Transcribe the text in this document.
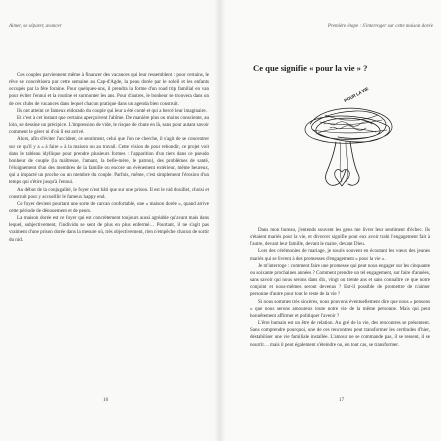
Aimer, se séparer, avancer

Ces couples parviennent même à financer des vacances qui leur ressemblent : pour certains, le rêve se concrétisera par cette semaine au Cap-d'Agde, la peau dorée par le soleil et les enfants occupés par la fête foraine. Pour quelques-uns, il prendra la forme d'un road trip familial en van pour éviter l'ennui et la routine et surmonter les ans. Pour d'autres, le bonheur se trouvera dans un de ces clubs de vacances dans lequel chacun pratique dans un agenda bien construit.

Ils ont atteint ce fameux eldorado du couple qui leur a été conté et qui a bercé leur imaginaire.

Et c'est à cet instant que certains aperçoivent l'abîme. De manière plus ou moins consciente, au loin, se dessine un précipice. L'impression de vide, le risque de chute en là, sans pour autant savoir comment le gérer ni d'où il est arrivé.

Alors, afin d'éviter l'accident, ce sentiment, celui que l'on ne cherche, il s'agit de se concentrer sur ce qu'il y a « à faire » à la maison ou au travail. Cette vision de pour rebondir, ce projet voit dans le tableau idyllique pour prendre plusieurs formes : l'apparition d'un tiers dans ce pseudo bonheur de couple (la maîtresse, l'amant, la belle-mère, le patron), des problèmes de santé, l'éloignement d'un des membres de la famille ou encore un évènement extérieur, même heureux, qui a impacté un proche ou un membre du couple. Parfois, même, c'est simplement l'érosion d'un temps qui s'étire jusqu'à l'ennui.

Au début de la conjugalité, le foyer n'est bâti que sur une prison. Il est le nid douillet, choisi et construit pour y accueillir le fameux happy end.

Ce foyer devient pourtant une sorte de carcan confortable, une « maison dorée », quand arrive cette période de dénouement et de peurs.

La maison dorée est ce foyer qui est concrètement toujours aussi agréable qu'avant mais dans lequel, subjectivement, l'individu se sent de plus en plus enfermé… Pourtant, il ne s'agit pas vraiment d'une prison dorée dans la mesure où, très objectivement, rien n'empêche chacun de sortir du nid.

16
Première étape : S'interroger sur cette maison dorée
Ce que signifie « pour la vie » ?
POUR LA VIE

Dans mon bureau, j'entends souvent les gens me livrer leur sentiment d'échec. Ils s'étaient mariés pour la vie, et divorcer signifie pour eux avoir trahi l'engagement fait à l'autre, devant leur famille, devant le maire, devant Dieu.

Lors des cérémonies de mariage, je souris souvent en écoutant les vœux des jeunes mariés qui se livrent à des promesses d'engagement « pour la vie ».

Je m'interroge : comment faire une promesse qui peut nous engager sur les cinquante ou soixante prochaines années ? Comment prendre un tel engagement, sur faire d'années, sans savoir qui nous serons dans dix, vingt ou trente ans et sans connaître ce que notre conjoint et nous-mêmes seront devenus ? Est-il possible de promettre de n'aimer personne d'autre pour tout le reste de la vie ?

Si nous sommes très sincères, nous pouvons éventuellement dire que nous « pensons » que nous serons amoureux toute notre vie de la même personne. Mais qui peut honnêtement affirmer et politiquer l'avenir ?

L'être humain est un être de relation. Au gré de la vie, des rencontres se présentent. Sans comprendre pourquoi, une de ces rencontres peut transformer les certitudes d'hier, déstabiliser une vie familiale installée. L'amour ne se commande pas, il se ressent, il se nourrit… mais il peut également s'éteindre ou, en tout cas, se transformer.

17
